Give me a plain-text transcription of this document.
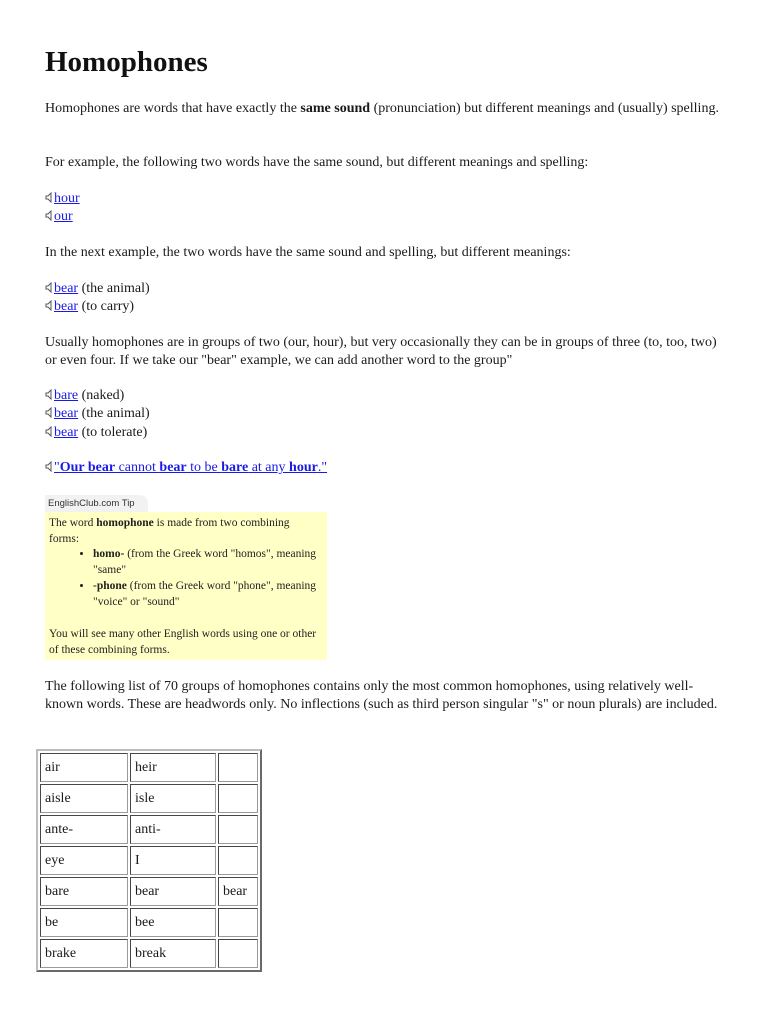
Homophones

Homophones are words that have exactly the same sound (pronunciation) but different meanings and (usually) spelling.

For example, the following two words have the same sound, but different meanings and spelling:

hour
our

In the next example, the two words have the same sound and spelling, but different meanings:

bear (the animal)
bear (to carry)

Usually homophones are in groups of two (our, hour), but very occasionally they can be in groups of three (to, too, two) or even four. If we take our "bear" example, we can add another word to the group"

bare (naked)
bear (the animal)
bear (to tolerate)
"Our bear cannot bear to be bare at any hour."
EnglishClub.com Tip
The word homophone is made from two combining forms:
• homo- (from the Greek word "homos", meaning "same"
• -phone (from the Greek word "phone", meaning "voice" or "sound"
You will see many other English words using one or other of these combining forms.

The following list of 70 groups of homophones contains only the most common homophones, using relatively well-known words. These are headwords only. No inflections (such as third person singular "s" or noun plurals) are included.

air	heir	
aisle	isle	
ante-	anti-	
eye	I	
bare	bear	bear
be	bee	
brake	break	
